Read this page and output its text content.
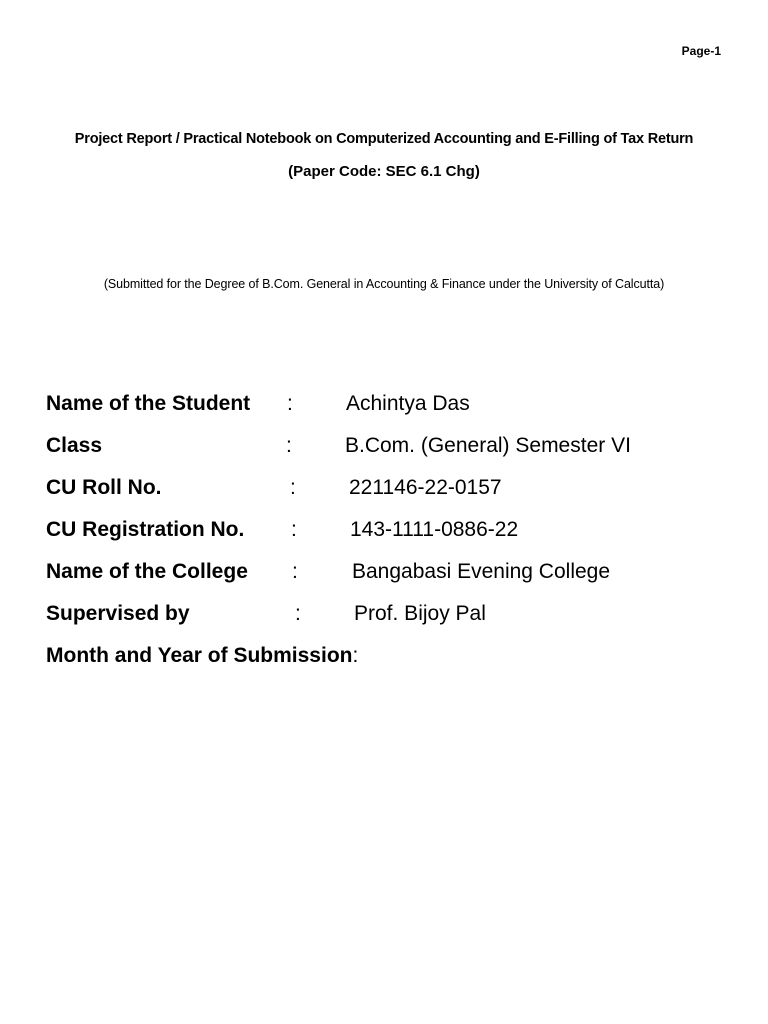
Page-1
Project Report / Practical Notebook on Computerized Accounting and E-Filling of Tax Return
(Paper Code: SEC 6.1 Chg)
(Submitted for the Degree of B.Com. General in Accounting & Finance under the University of Calcutta)
Name of the Student :	Achintya Das
Class	:	B.Com. (General) Semester VI
CU Roll No.	:	221146-22-0157
CU Registration No. :	143-1111-0886-22
Name of the College :	Bangabasi Evening College
Supervised by	:	Prof. Bijoy Pal
Month and Year of Submission:
